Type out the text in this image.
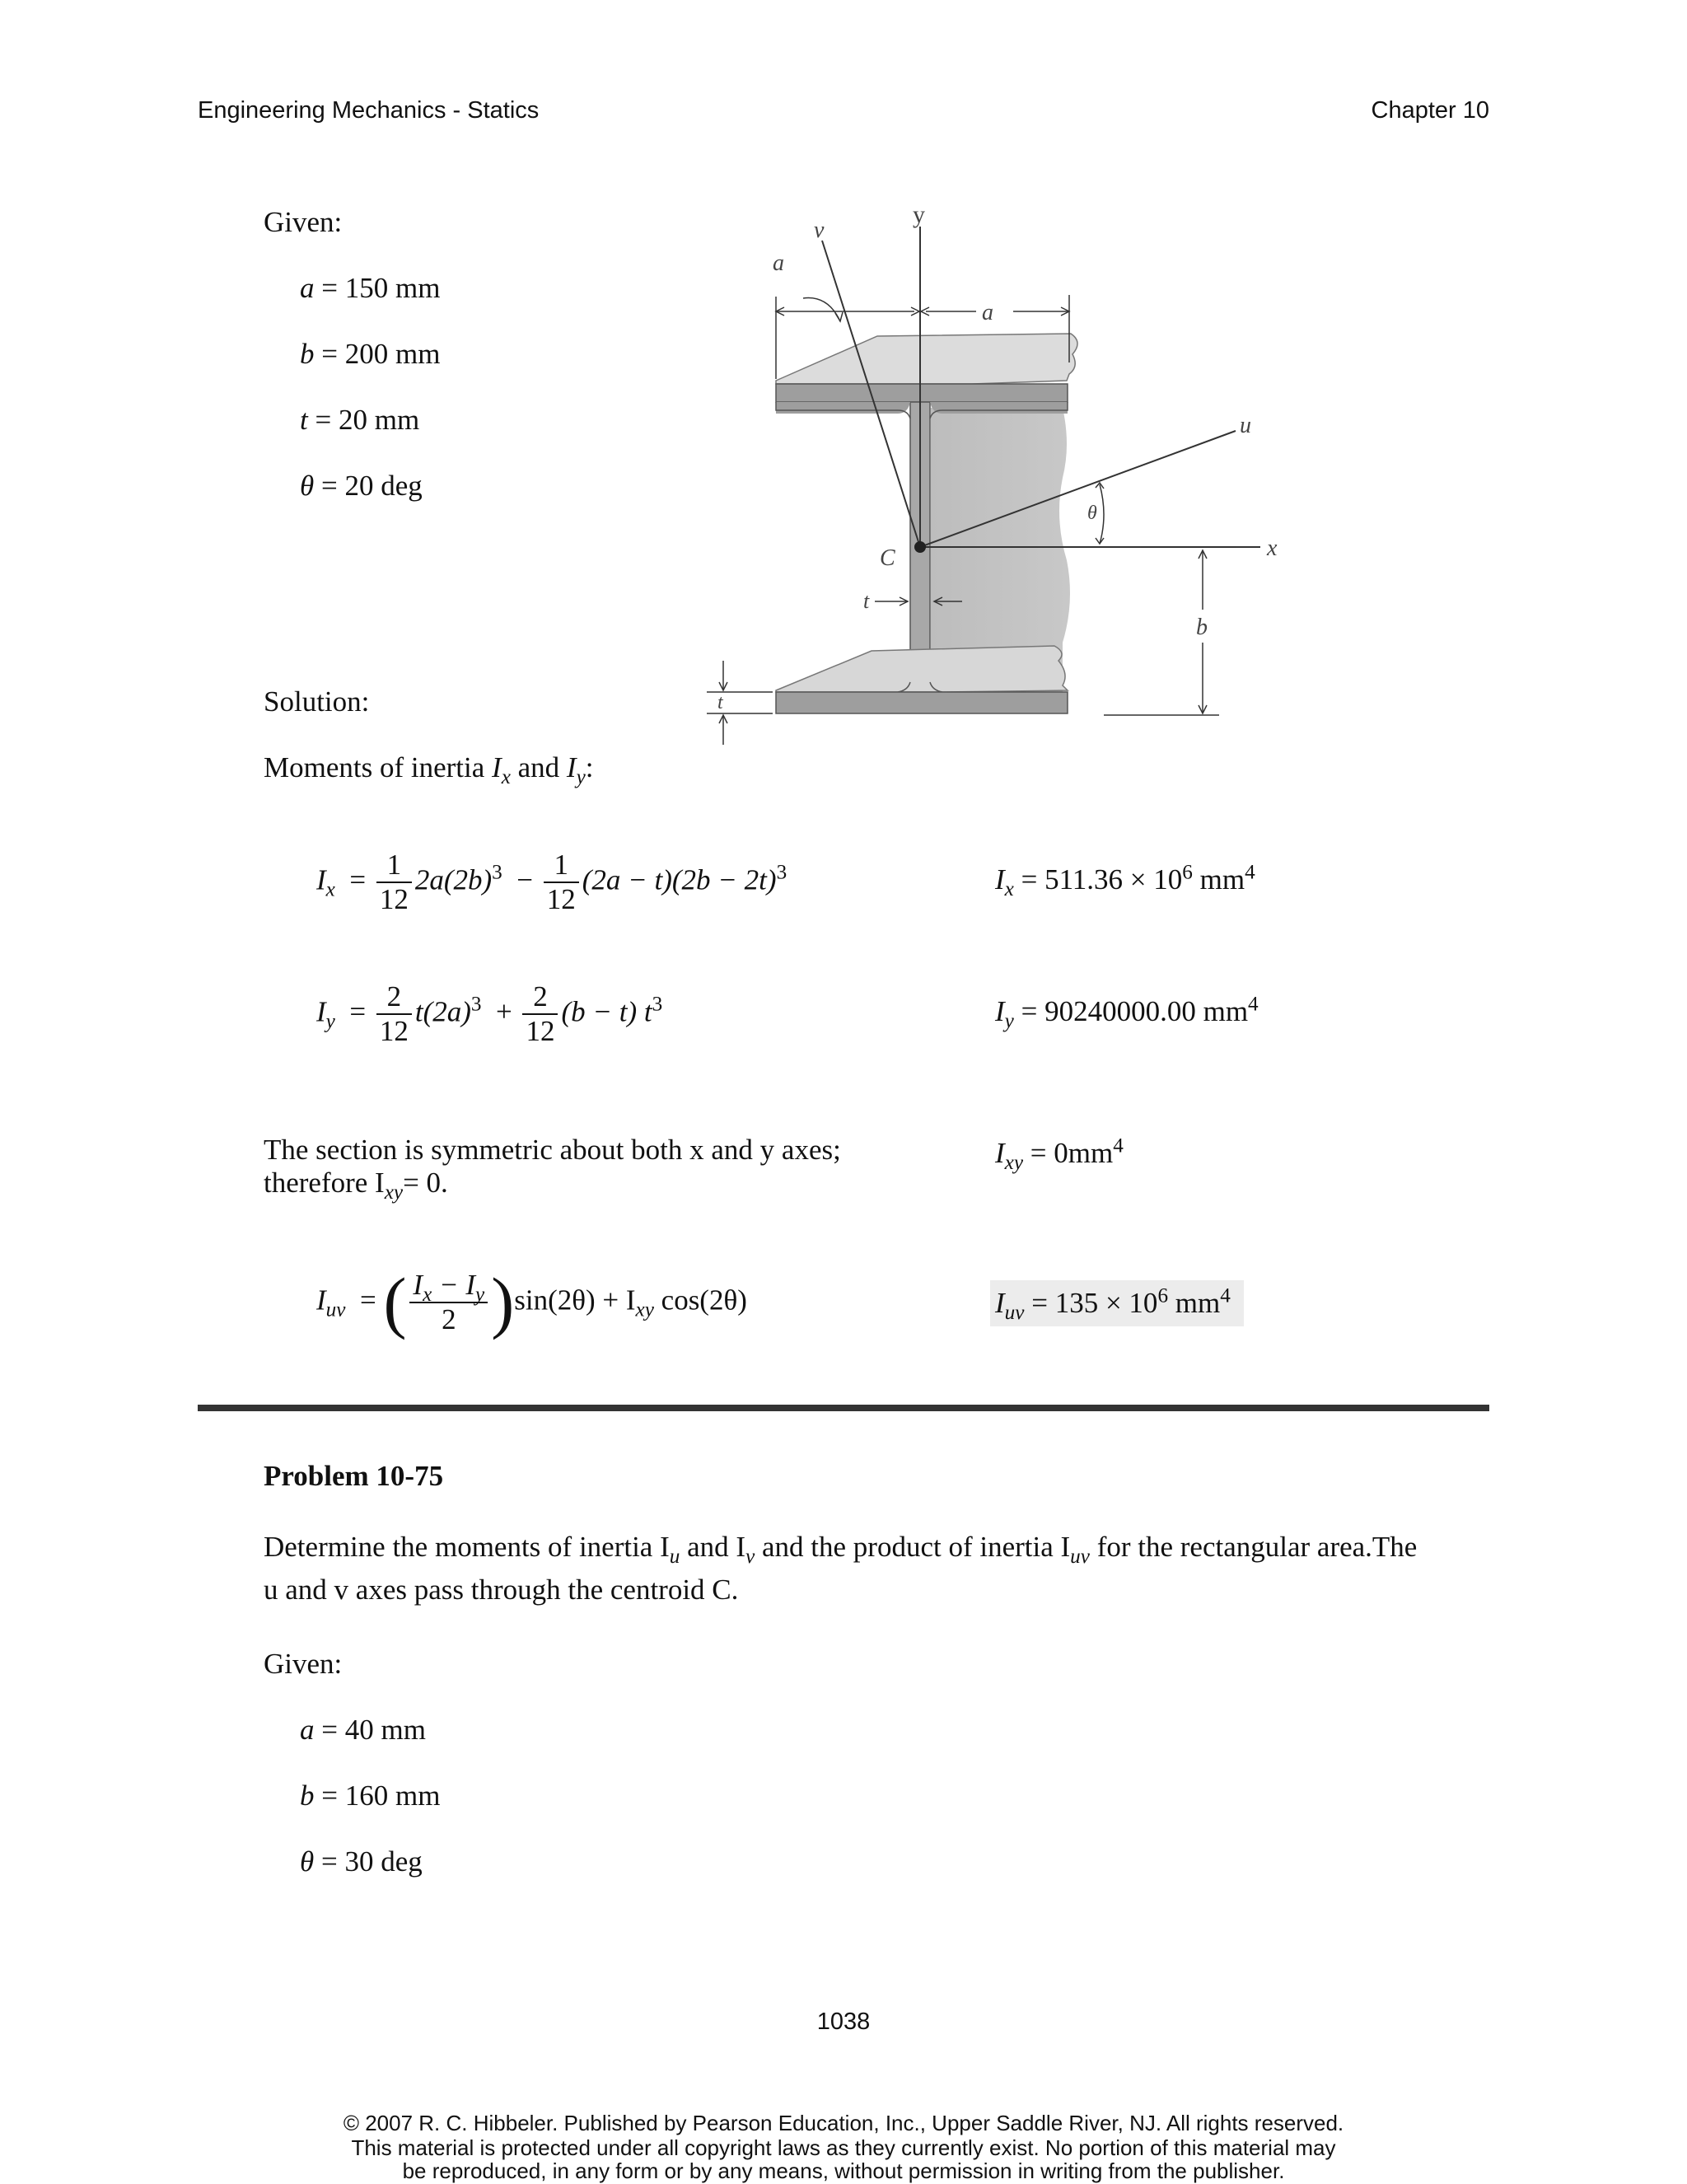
Engineering Mechanics - Statics	Chapter 10
Given:
a = 150 mm
b = 200 mm
t = 20 mm
θ = 20 deg
y
x
u
v
C
a
θ
a
b
t
t
Solution:
Moments of inertia $I_x$ and $I_y$:
$I_x = \frac{1}{12} 2a(2b)^3 - \frac{1}{12} (2a - t)(2b - 2t)^3$	$I_x = 511.36 \times 10^6$ $mm^4$
$I_y = \frac{2}{12} t(2a)^3 + \frac{2}{12} (b - t)$ $t^3$	$I_y = 90240000.00$ $mm^4$
The section is symmetric about both x and y axes;
therefore $I_{xy}= 0$.
$I_{xy} = 0mm^4$
$I_{uv}$ = ( $\frac{I_x - I_y}{2} )\sin(2\theta) + I_{xy}$ cos(2θ)	$I_{uv} = 135 \times 10^6$ $mm^4$
Problem 10-75
Determine the moments of inertia $I_u$ and $I_v$ and the product of inertia $I_{uv}$ for the rectangular area.The
u and v axes pass through the centroid C.
Given:
a = 40 mm
b = 160 mm
θ = 30 deg
1038
© 2007 R. C. Hibbeler. Published by Pearson Education, Inc., Upper Saddle River, NJ. All rights reserved.
This material is protected under all copyright laws as they currently exist. No portion of this material may
be reproduced, in any form or by any means, without permission in writing from the publisher.
